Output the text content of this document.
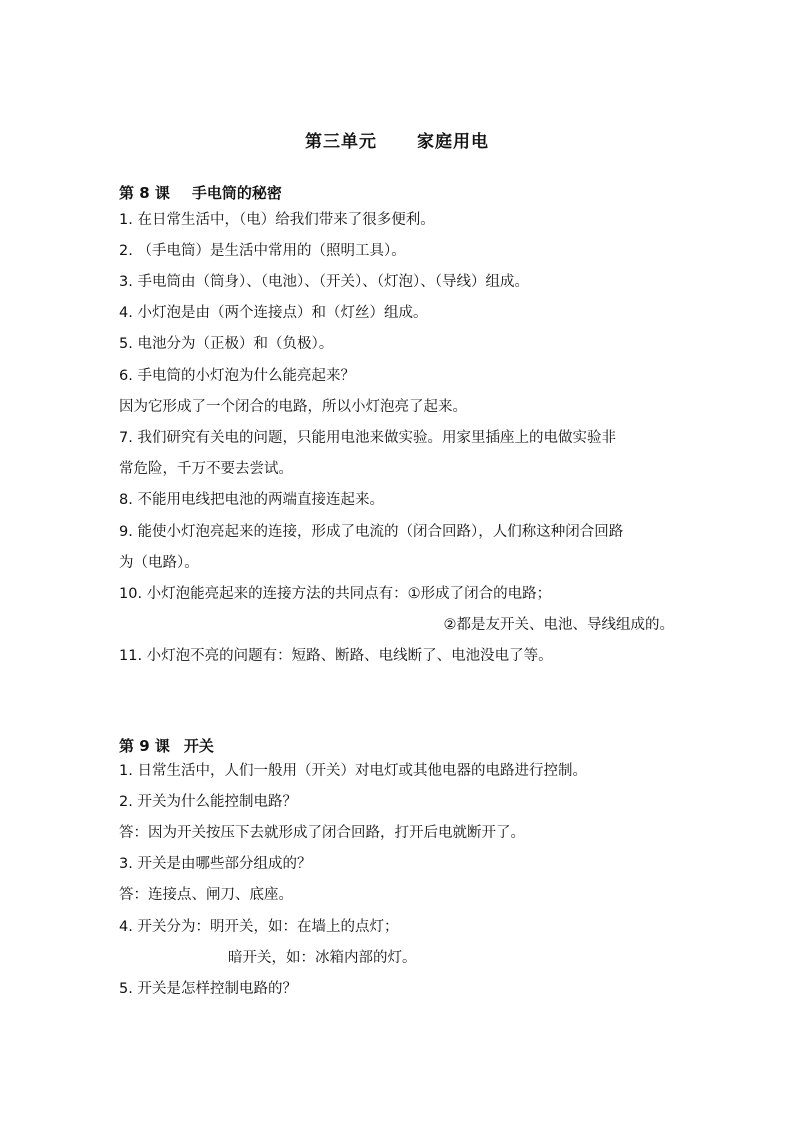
第三单元 家庭用电
第 8 课 手电筒的秘密
1. 在日常生活中，（电）给我们带来了很多便利。
2. （手电筒）是生活中常用的（照明工具）。
3. 手电筒由（筒身）、（电池）、（开关）、（灯泡）、（导线）组成。
4. 小灯泡是由（两个连接点）和（灯丝）组成。
5. 电池分为（正极）和（负极）。
6. 手电筒的小灯泡为什么能亮起来？
因为它形成了一个闭合的电路，所以小灯泡亮了起来。
7. 我们研究有关电的问题，只能用电池来做实验。用家里插座上的电做实验非
常危险，千万不要去尝试。
8. 不能用电线把电池的两端直接连起来。
9. 能使小灯泡亮起来的连接，形成了电流的（闭合回路），人们称这种闭合回路
为（电路）。
10. 小灯泡能亮起来的连接方法的共同点有：①形成了闭合的电路；
②都是友开关、电池、导线组成的。
11. 小灯泡不亮的问题有：短路、断路、电线断了、电池没电了等。
第 9 课 开关
1. 日常生活中，人们一般用（开关）对电灯或其他电器的电路进行控制。
2. 开关为什么能控制电路？
答：因为开关按压下去就形成了闭合回路，打开后电就断开了。
3. 开关是由哪些部分组成的？
答：连接点、闸刀、底座。
4. 开关分为：明开关，如：在墙上的点灯；
暗开关，如：冰箱内部的灯。
5. 开关是怎样控制电路的？
